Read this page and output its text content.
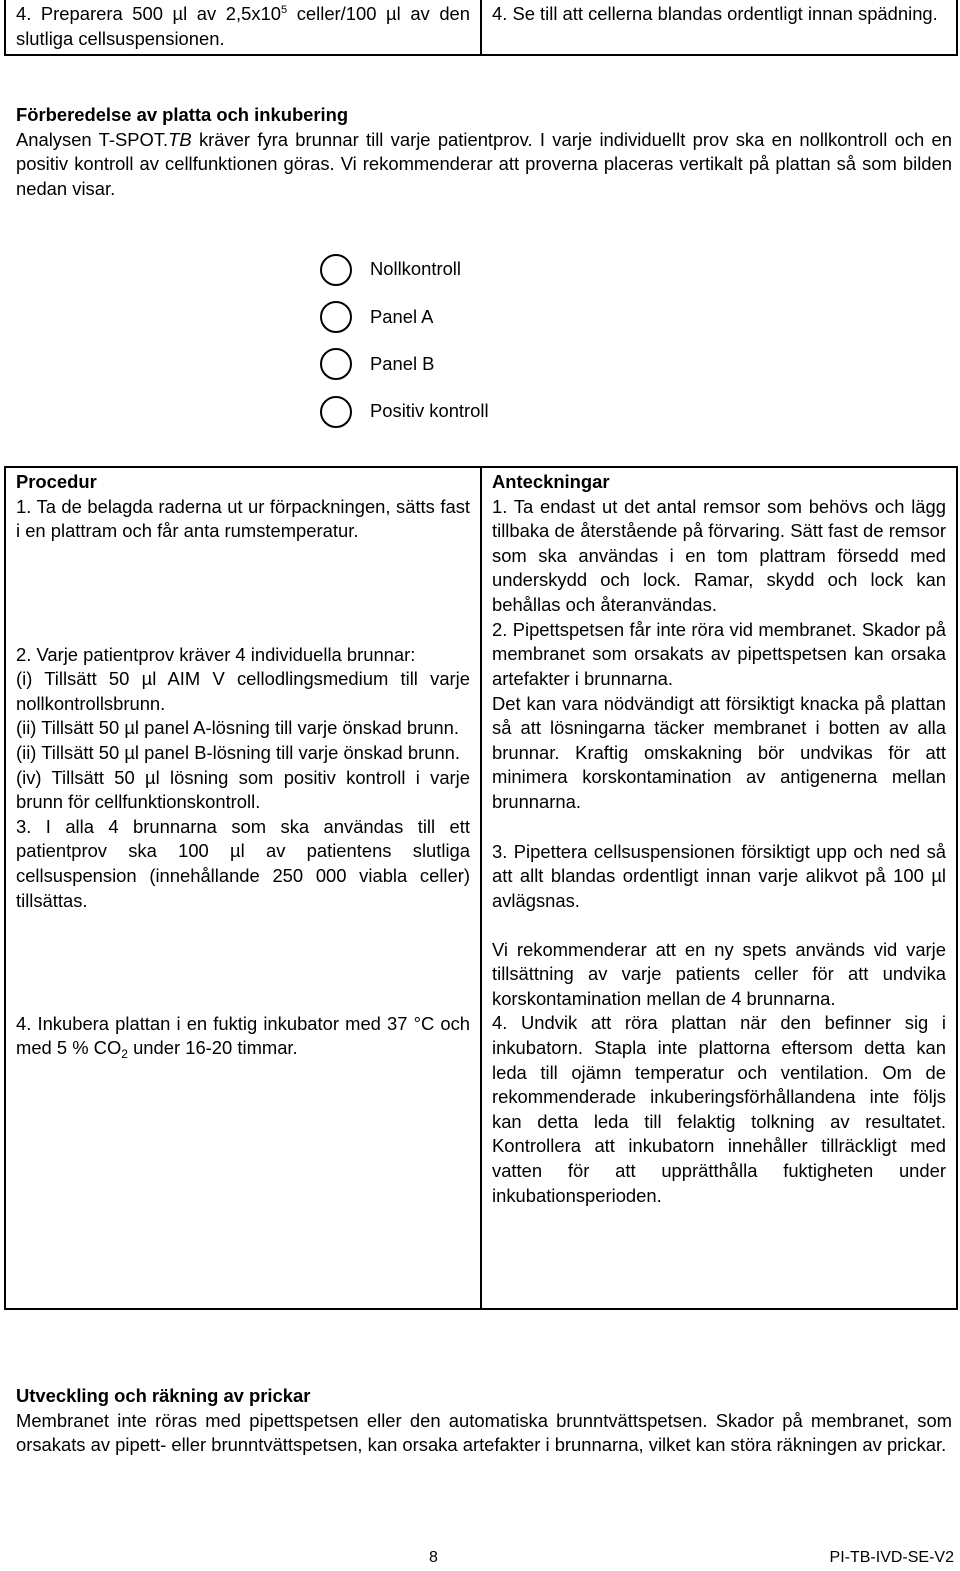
4. Preparera 500 µl av $2,5x10^5$ celler/100 µl av den slutliga cellsuspensionen.

4. Se till att cellerna blandas ordentligt innan spädning.
Förberedelse av platta och inkubering
Analysen T-SPOT.TB kräver fyra brunnar till varje patientprov. I varje individuellt prov ska en nollkontroll och en positiv kontroll av cellfunktionen göras. Vi rekommenderar att proverna placeras vertikalt på plattan så som bilden nedan visar.
Nollkontroll
Panel A
Panel B
Positiv kontroll
Procedur
1. Ta de belagda raderna ut ur förpackningen, sätts fast i en plattram och får anta rumstemperatur.
2. Varje patientprov kräver 4 individuella brunnar:
(i) Tillsätt 50 µl AIM V cellodlingsmedium till varje nollkontrollsbrunn.
(ii) Tillsätt 50 µl panel A-lösning till varje önskad brunn.
(ii) Tillsätt 50 µl panel B-lösning till varje önskad brunn.
(iv) Tillsätt 50 µl lösning som positiv kontroll i varje brunn för cellfunktionskontroll.
3. I alla 4 brunnarna som ska användas till ett patientprov ska 100 µl av patientens slutliga cellsuspension (innehållande 250 000 viabla celler) tillsättas.
4. Inkubera plattan i en fuktig inkubator med 37 °C och med 5 % $CO_2$ under 16-20 timmar.

Anteckningar
1. Ta endast ut det antal remsor som behövs och lägg tillbaka de återstående på förvaring. Sätt fast de remsor som ska användas i en tom plattram försedd med underskydd och lock. Ramar, skydd och lock kan behållas och återanvändas.
2. Pipettspetsen får inte röra vid membranet. Skador på membranet som orsakats av pipettspetsen kan orsaka artefakter i brunnarna.
Det kan vara nödvändigt att försiktigt knacka på plattan så att lösningarna täcker membranet i botten av alla brunnar. Kraftig omskakning bör undvikas för att minimera korskontamination av antigenerna mellan brunnarna.
3. Pipettera cellsuspensionen försiktigt upp och ned så att allt blandas ordentligt innan varje alikvot på 100 µl avlägsnas.
Vi rekommenderar att en ny spets används vid varje tillsättning av varje patients celler för att undvika korskontamination mellan de 4 brunnarna.
4. Undvik att röra plattan när den befinner sig i inkubatorn. Stapla inte plattorna eftersom detta kan leda till ojämn temperatur och ventilation. Om de rekommenderade inkuberingsförhållandena inte följs kan detta leda till felaktig tolkning av resultatet. Kontrollera att inkubatorn innehåller tillräckligt med vatten för att upprätthålla fuktigheten under inkubationsperioden.
Utveckling och räkning av prickar
Membranet inte röras med pipettspetsen eller den automatiska brunntvättspetsen. Skador på membranet, som orsakats av pipett- eller brunntvättspetsen, kan orsaka artefakter i brunnarna, vilket kan störa räkningen av prickar.
8	PI-TB-IVD-SE-V2
